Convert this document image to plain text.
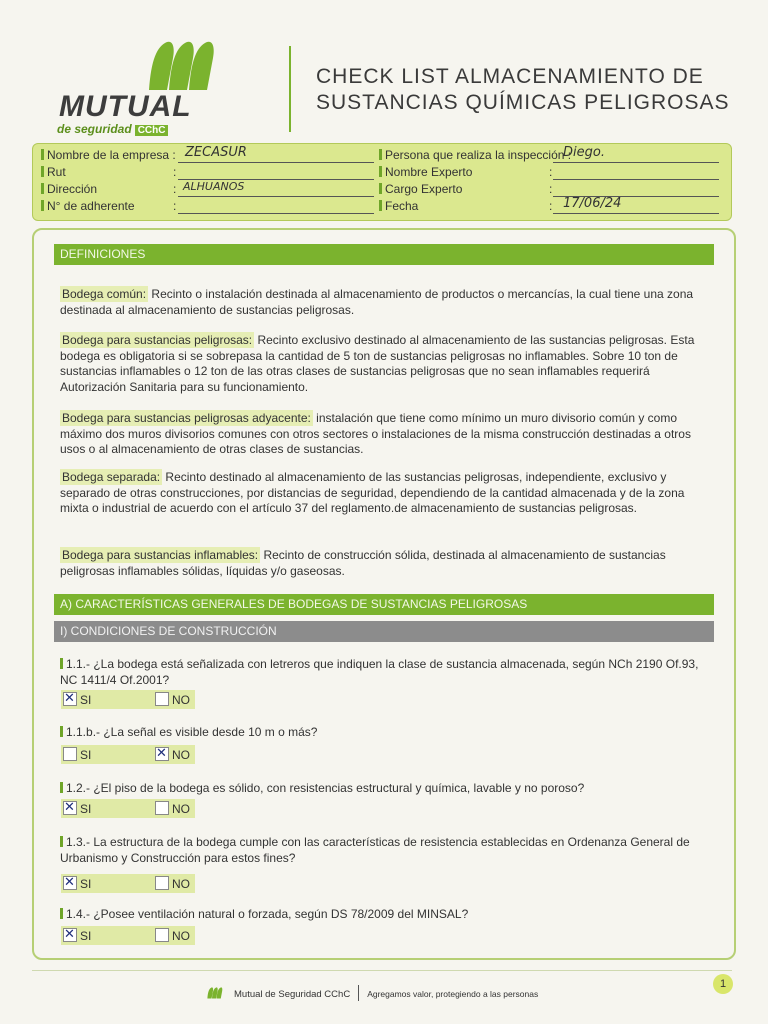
MUTUAL
de seguridad CChC
CHECK LIST ALMACENAMIENTO DE
SUSTANCIAS QUÍMICAS PELIGROSAS
Nombre de la empresa : ZECASUR
Rut	:
Dirección	: ALHUANOS
N° de adherente	:
Persona que realiza la inspección :
Diego.
Nombre Experto	:
Cargo Experto	:
Fecha	: 17/06/24
DEFINICIONES
Bodega común: Recinto o instalación destinada al almacenamiento de productos o mercancías, la cual tiene una zona destinada al almacenamiento de sustancias peligrosas.
Bodega para sustancias peligrosas: Recinto exclusivo destinado al almacenamiento de las sustancias peligrosas. Esta bodega es obligatoria si se sobrepasa la cantidad de 5 ton de sustancias peligrosas no inflamables. Sobre 10 ton de sustancias inflamables o 12 ton de las otras clases de sustancias peligrosas que no sean inflamables requerirá Autorización Sanitaria para su funcionamiento.
Bodega para sustancias peligrosas adyacente: instalación que tiene como mínimo un muro divisorio común y como máximo dos muros divisorios comunes con otros sectores o instalaciones de la misma construcción destinadas a otros usos o al almacenamiento de otras clases de sustancias.
Bodega separada: Recinto destinado al almacenamiento de las sustancias peligrosas, independiente, exclusivo y separado de otras construcciones, por distancias de seguridad, dependiendo de la cantidad almacenada y de la zona mixta o industrial de acuerdo con el artículo 37 del reglamento.de almacenamiento de sustancias peligrosas.
Bodega para sustancias inflamables: Recinto de construcción sólida, destinada al almacenamiento de sustancias peligrosas inflamables sólidas, líquidas y/o gaseosas.
A) CARACTERÍSTICAS GENERALES DE BODEGAS DE SUSTANCIAS PELIGROSAS
I) CONDICIONES DE CONSTRUCCIÓN
1.1.- ¿La bodega está señalizada con letreros que indiquen la clase de sustancia almacenada, según NCh 2190 Of.93, NC 1411/4 Of.2001?
✕SI	NO
1.1.b.- ¿La señal es visible desde 10 m o más?
SI
✕	NO
1.2.- ¿El piso de la bodega es sólido, con resistencias estructural y química, lavable y no poroso?
✕SI	NO
1.3.- La estructura de la bodega cumple con las características de resistencia establecidas en Ordenanza General de Urbanismo y Construcción para estos fines?
✕SI	NO
1.4.- ¿Posee ventilación natural o forzada, según DS 78/2009 del MINSAL?
✕SI	NO
Mutual de Seguridad CChC Agregamos valor, protegiendo a las personas
1
